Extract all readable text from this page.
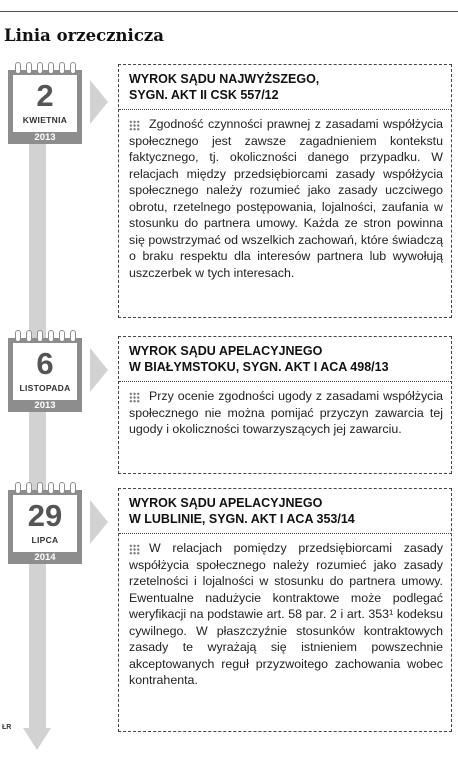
Linia orzecznicza
2
KWIETNIA
2013
WYROK SĄDU NAJWYŻSZEGO,
SYGN. AKT II CSK 557/12
Zgodność czynności prawnej z zasadami współżycia społecznego jest zawsze zagadnieniem kontekstu faktycznego, tj. okoliczności danego przypadku. W relacjach między przedsiębiorcami zasady współżycia społecznego należy rozumieć jako zasady uczciwego obrotu, rzetelnego postępowania, lojalności, zaufania w stosunku do partnera umowy. Każda ze stron powinna się powstrzymać od wszelkich zachowań, które świadczą o braku respektu dla interesów partnera lub wywołują uszczerbek w tych interesach.
6
LISTOPADA
2013
WYROK SĄDU APELACYJNEGO
W BIAŁYMSTOKU, SYGN. AKT I ACA 498/13
Przy ocenie zgodności ugody z zasadami współżycia społecznego nie można pomijać przyczyn zawarcia tej ugody i okoliczności towarzyszących jej zawarciu.
29
LIPCA
2014
WYROK SĄDU APELACYJNEGO
W LUBLINIE, SYGN. AKT I ACA 353/14
W relacjach pomiędzy przedsiębiorcami zasady współżycia społecznego należy rozumieć jako zasady rzetelności i lojalności w stosunku do partnera umowy. Ewentualne nadużycie kontraktowe może podlegać weryfikacji na podstawie art. 58 par. 2 i art. 353¹ kodeksu cywilnego. W płaszczyźnie stosunków kontraktowych zasady te wyrażają się istnieniem powszechnie akceptowanych reguł przyzwoitego zachowania wobec kontrahenta.
ŁR
